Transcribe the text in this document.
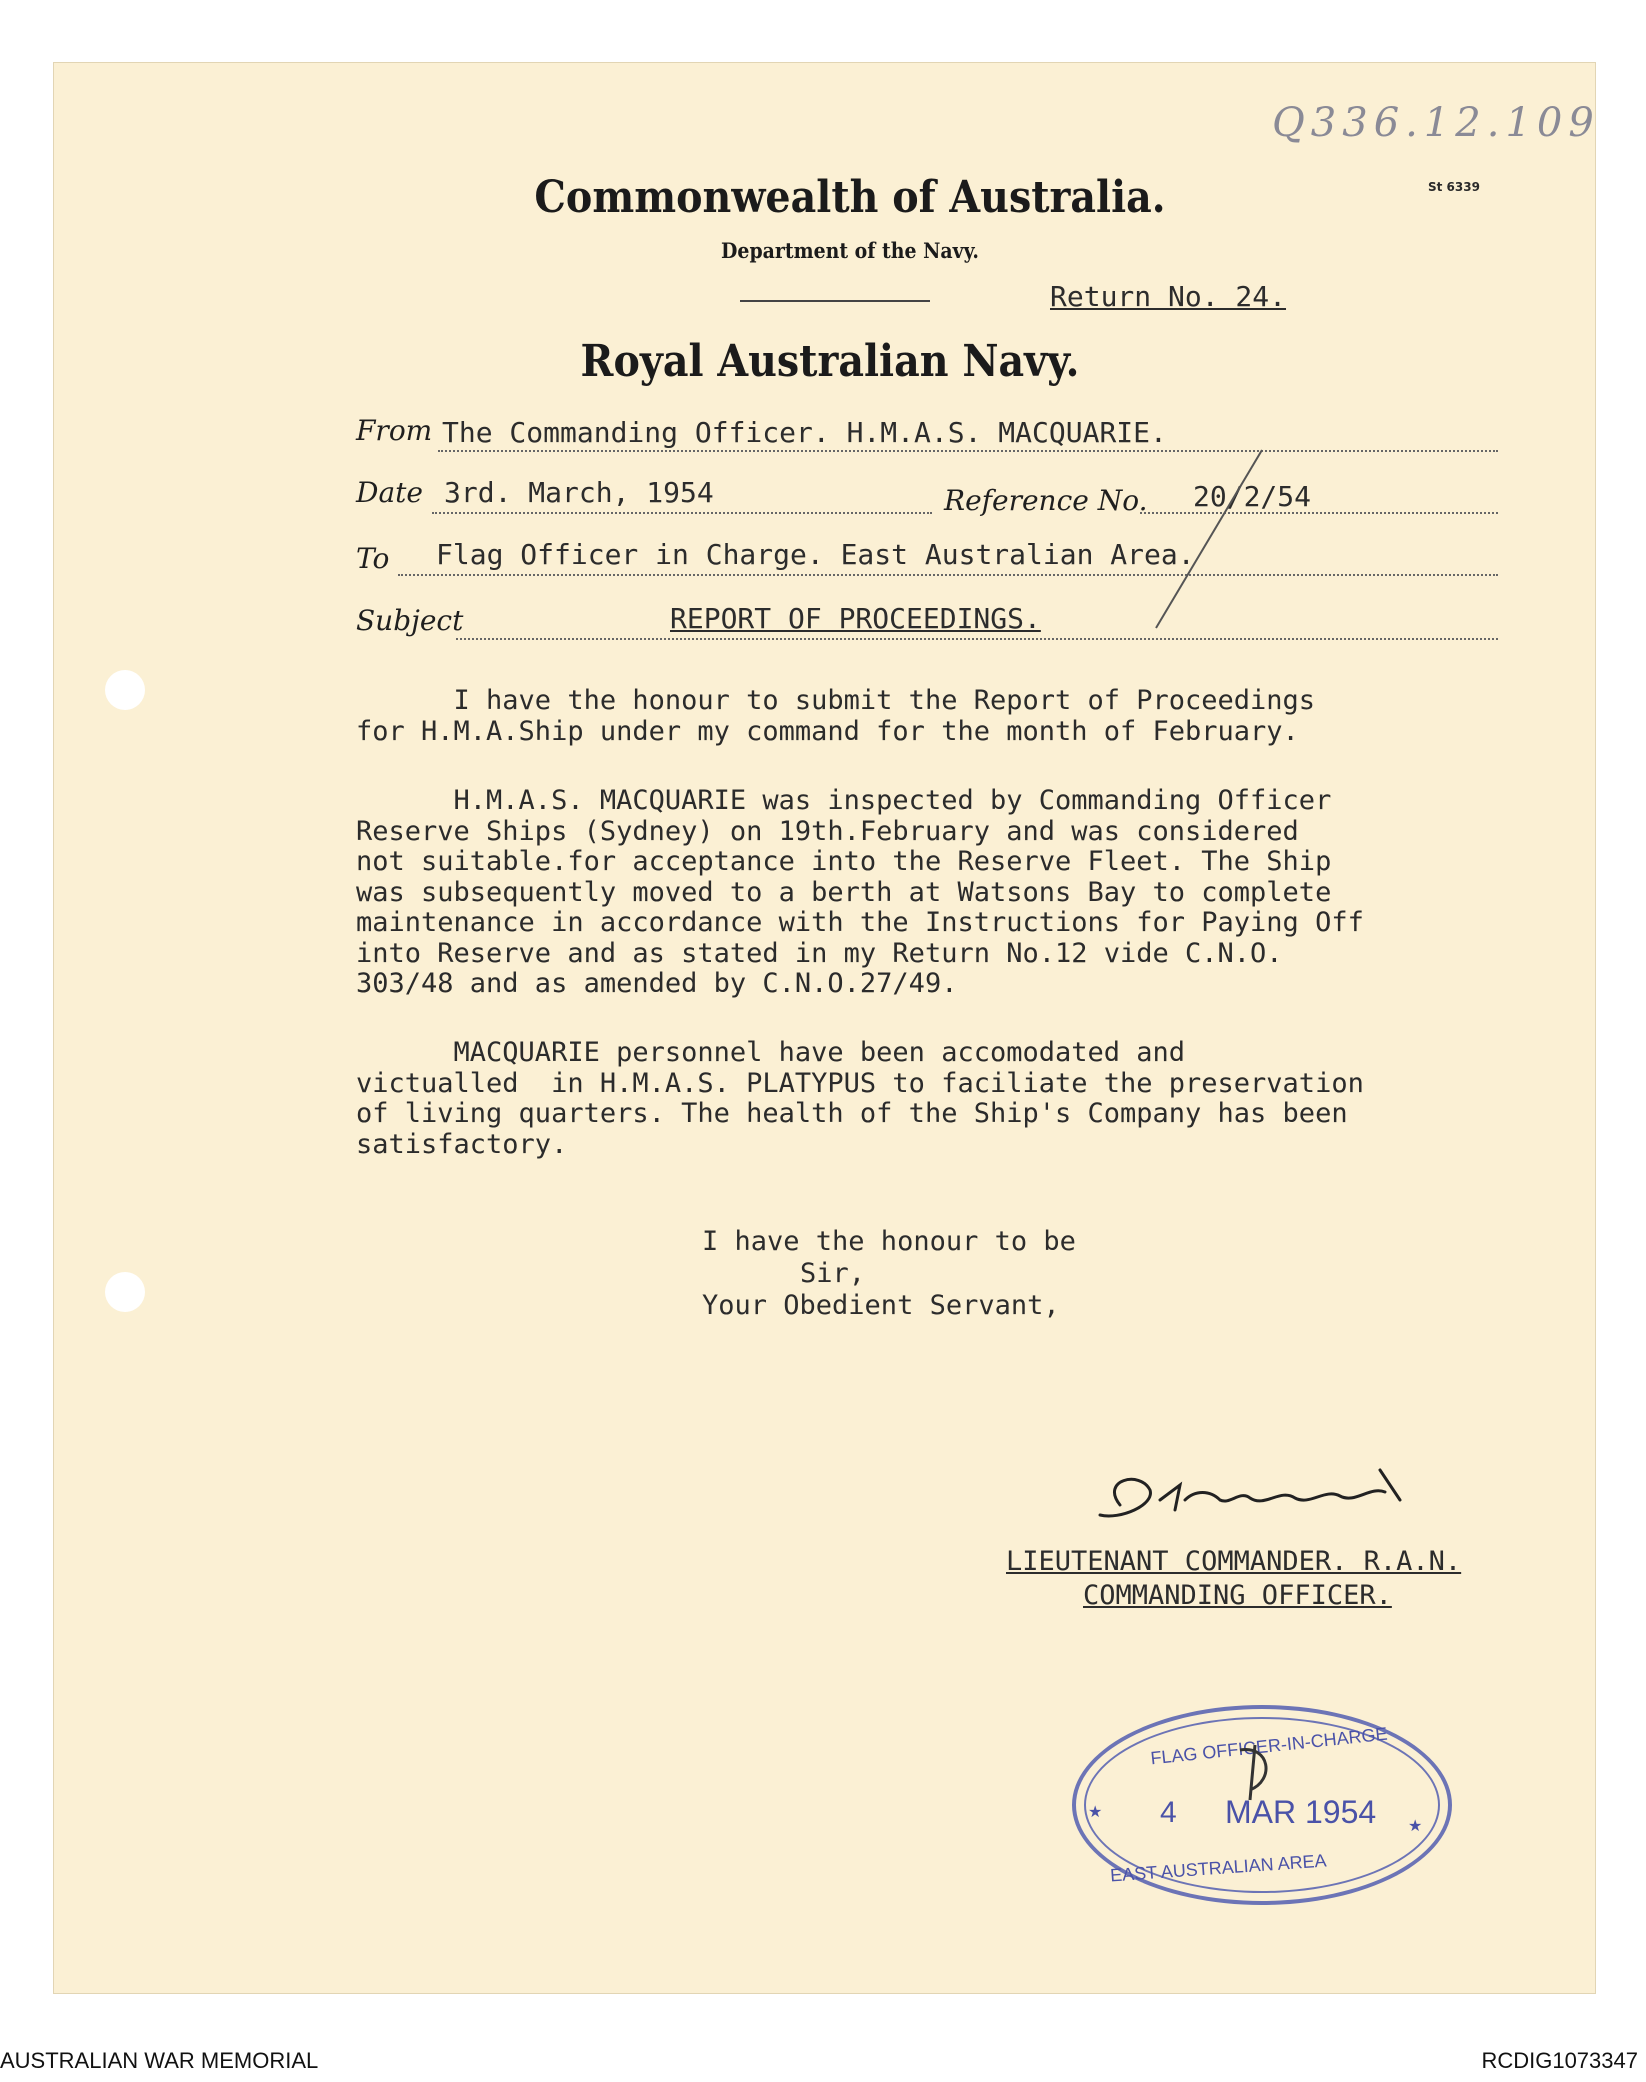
Q336.12.109
St 6339
Commonwealth of Australia.
Department of the Navy.
Return No. 24.
Royal Australian Navy.
From The Commanding Officer. H.M.A.S. MACQUARIE.
Date 3rd. March, 1954	Reference No. 20/2/54
To Flag Officer in Charge. East Australian Area.
Subject	REPORT OF PROCEEDINGS.
I have the honour to submit the Report of Proceedings
for H.M.A.Ship under my command for the month of February.
H.M.A.S. MACQUARIE was inspected by Commanding Officer
Reserve Ships (Sydney) on 19th.February and was considered
not suitable.for acceptance into the Reserve Fleet. The Ship
was subsequently moved to a berth at Watsons Bay to complete
maintenance in accordance with the Instructions for Paying Off
into Reserve and as stated in my Return No.12 vide C.N.O.
303/48 and as amended by C.N.O.27/49.
MACQUARIE personnel have been accomodated and
victualled  in H.M.A.S. PLATYPUS to faciliate the preservation
of living quarters. The health of the Ship's Company has been
satisfactory.
I have the honour to be
Sir,
Your Obedient Servant,
LIEUTENANT COMMANDER. R.A.N.
COMMANDING OFFICER.
FLAG OFFICER-IN-CHARGE
4 MAR 1954
EAST AUSTRALIAN AREA
★
★
AUSTRALIAN WAR MEMORIAL	RCDIG1073347
